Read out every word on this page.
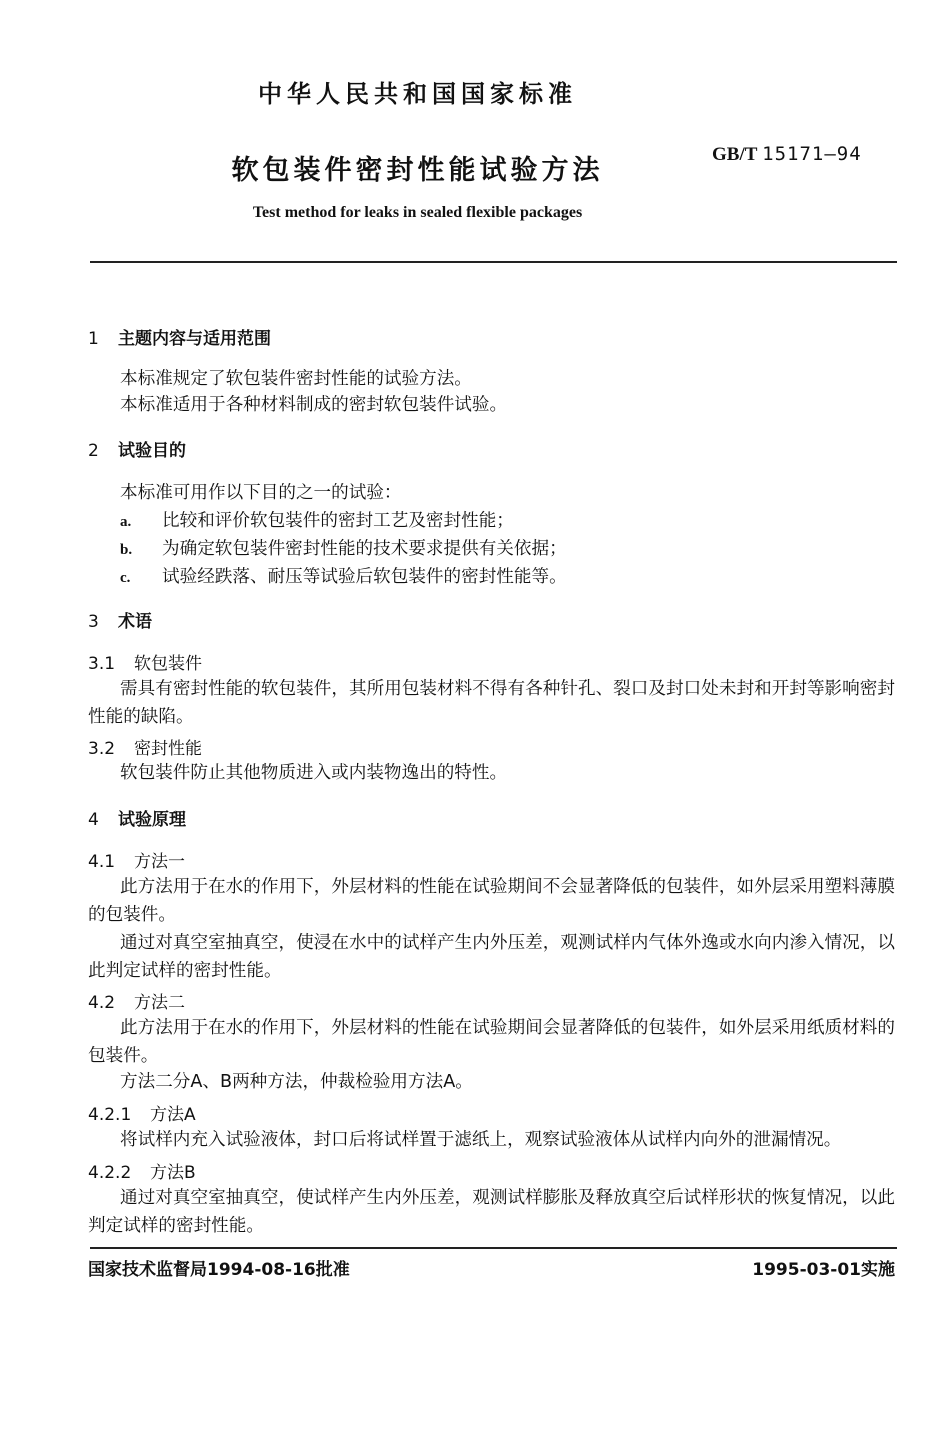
中华人民共和国国家标准
软包装件密封性能试验方法
GB/T 15171—94
Test method for leaks in sealed flexible packages
1 主题内容与适用范围
本标准规定了软包装件密封性能的试验方法。
本标准适用于各种材料制成的密封软包装件试验。
2 试验目的
本标准可用作以下目的之一的试验：
a. 比较和评价软包装件的密封工艺及密封性能；
b. 为确定软包装件密封性能的技术要求提供有关依据；
c. 试验经跌落、耐压等试验后软包装件的密封性能等。
3 术语
3.1 软包装件
需具有密封性能的软包装件，其所用包装材料不得有各种针孔、裂口及封口处未封和开封等影响密封性能的缺陷。
3.2 密封性能
软包装件防止其他物质进入或内装物逸出的特性。
4 试验原理
4.1 方法一
此方法用于在水的作用下，外层材料的性能在试验期间不会显著降低的包装件，如外层采用塑料薄膜的包装件。
通过对真空室抽真空，使浸在水中的试样产生内外压差，观测试样内气体外逸或水向内渗入情况，以此判定试样的密封性能。
4.2 方法二
此方法用于在水的作用下，外层材料的性能在试验期间会显著降低的包装件，如外层采用纸质材料的包装件。
方法二分A、B两种方法，仲裁检验用方法A。
4.2.1 方法A
将试样内充入试验液体，封口后将试样置于滤纸上，观察试验液体从试样内向外的泄漏情况。
4.2.2 方法B
通过对真空室抽真空，使试样产生内外压差，观测试样膨胀及释放真空后试样形状的恢复情况，以此判定试样的密封性能。
国家技术监督局1994-08-16批准	1995-03-01实施
